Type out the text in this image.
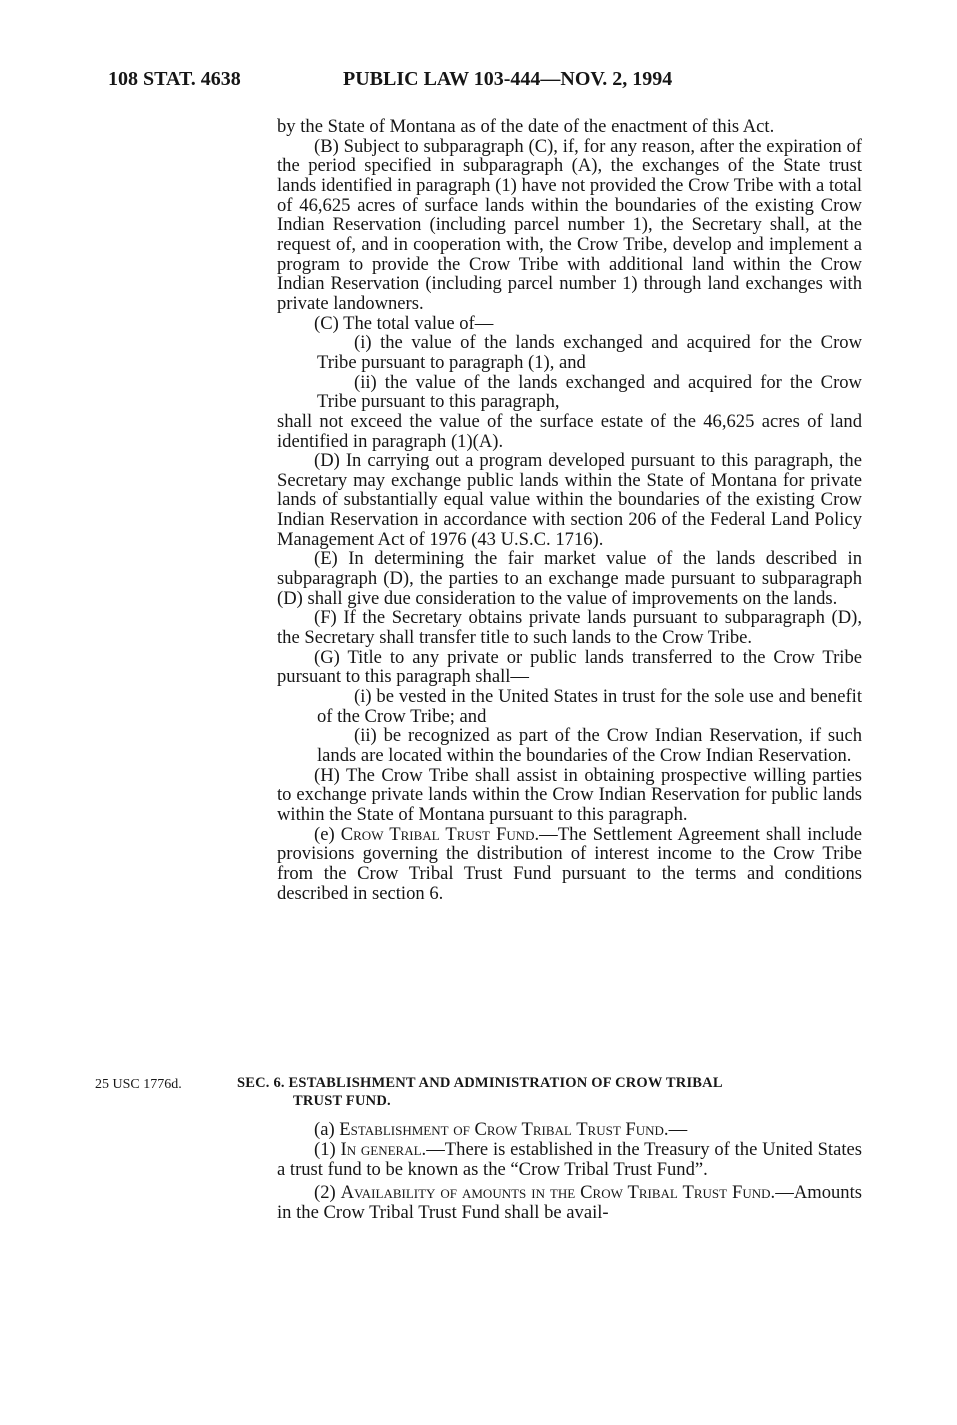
108 STAT. 4638	PUBLIC LAW 103-444—NOV. 2, 1994

by the State of Montana as of the date of the enactment of this Act.

(B) Subject to subparagraph (C), if, for any reason, after the expiration of the period specified in subparagraph (A), the exchanges of the State trust lands identified in paragraph (1) have not provided the Crow Tribe with a total of 46,625 acres of surface lands within the boundaries of the existing Crow Indian Reservation (including parcel number 1), the Secretary shall, at the request of, and in cooperation with, the Crow Tribe, develop and implement a program to provide the Crow Tribe with additional land within the Crow Indian Reservation (including parcel number 1) through land exchanges with private landowners.

(C) The total value of—

(i) the value of the lands exchanged and acquired for the Crow Tribe pursuant to paragraph (1), and

(ii) the value of the lands exchanged and acquired for the Crow Tribe pursuant to this paragraph,

shall not exceed the value of the surface estate of the 46,625 acres of land identified in paragraph (1)(A).

(D) In carrying out a program developed pursuant to this paragraph, the Secretary may exchange public lands within the State of Montana for private lands of substantially equal value within the boundaries of the existing Crow Indian Reservation in accordance with section 206 of the Federal Land Policy Management Act of 1976 (43 U.S.C. 1716).

(E) In determining the fair market value of the lands described in subparagraph (D), the parties to an exchange made pursuant to subparagraph (D) shall give due consideration to the value of improvements on the lands.

(F) If the Secretary obtains private lands pursuant to subparagraph (D), the Secretary shall transfer title to such lands to the Crow Tribe.

(G) Title to any private or public lands transferred to the Crow Tribe pursuant to this paragraph shall—

(i) be vested in the United States in trust for the sole use and benefit of the Crow Tribe; and

(ii) be recognized as part of the Crow Indian Reservation, if such lands are located within the boundaries of the Crow Indian Reservation.

(H) The Crow Tribe shall assist in obtaining prospective willing parties to exchange private lands within the Crow Indian Reservation for public lands within the State of Montana pursuant to this paragraph.

(e) Crow Tribal Trust Fund.—The Settlement Agreement shall include provisions governing the distribution of interest income to the Crow Tribe from the Crow Tribal Trust Fund pursuant to the terms and conditions described in section 6.

25 USC 1776d.	SEC. 6. ESTABLISHMENT AND ADMINISTRATION OF CROW TRIBAL
TRUST FUND.

(a) Establishment of Crow Tribal Trust Fund.—

(1) In general.—There is established in the Treasury of the United States a trust fund to be known as the “Crow Tribal Trust Fund”.

(2) Availability of amounts in the Crow Tribal Trust Fund.—Amounts in the Crow Tribal Trust Fund shall be avail-
